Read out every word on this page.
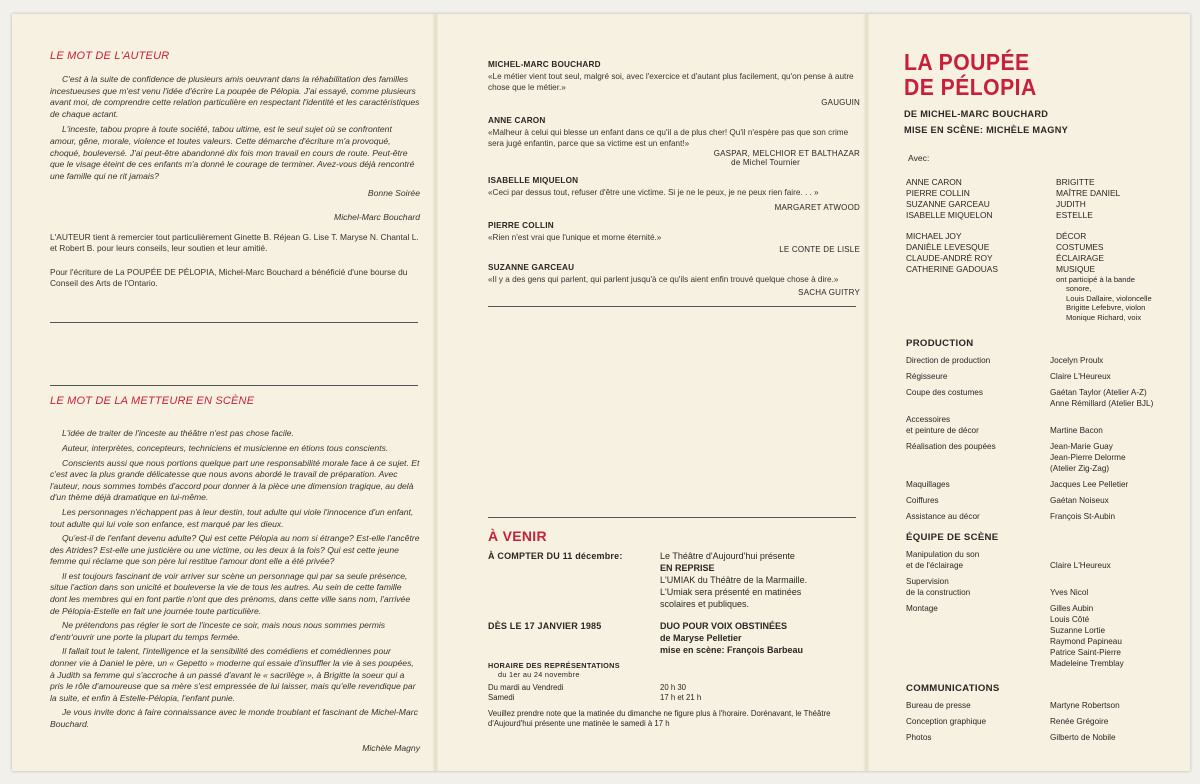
LE MOT DE L'AUTEUR

C'est à la suite de confidence de plusieurs amis oeuvrant dans la réhabilitation des familles incestueuses que m'est venu l'idée d'écrire La poupée de Pélopia. J'ai essayé, comme plusieurs avant moi, de comprendre cette relation particulière en respectant l'identité et les caractéristiques de chaque actant.

L'inceste, tabou propre à toute société, tabou ultime, est le seul sujet où se confrontent amour, gêne, morale, violence et toutes valeurs. Cette démarche d'écriture m'a provoqué, choqué, bouleversé. J'ai peut-être abandonné dix fois mon travail en cours de route. Peut-être que le visage éteint de ces enfants m'a donné le courage de terminer. Avez-vous déjà rencontré une famille qui ne rit jamais?

Bonne Soirée
Michel-Marc Bouchard

L'AUTEUR tient à remercier tout particulièrement Ginette B. Réjean G. Lise T. Maryse N. Chantal L. et Robert B. pour leurs conseils, leur soutien et leur amitié.

Pour l'écriture de La POUPÉE DE PÉLOPIA, Michel-Marc Bouchard a bénéficié d'une bourse du Conseil des Arts de l'Ontario.

LE MOT DE LA METTEURE EN SCÈNE

L'idée de traiter de l'inceste au théâtre n'est pas chose facile.

Auteur, interprètes, concepteurs, techniciens et musicienne en étions tous conscients.

Conscients aussi que nous portions quelque part une responsabilité morale face à ce sujet. Et c'est avec la plus grande délicatesse que nous avons abordé le travail de préparation. Avec l'auteur, nous sommes tombés d'accord pour donner à la pièce une dimension tragique, au delà d'un thème déjà dramatique en lui-même.

Les personnages n'échappent pas à leur destin, tout adulte qui viole l'innocence d'un enfant, tout adulte qui lui vole son enfance, est marqué par les dieux.

Qu'est-il de l'enfant devenu adulte? Qui est cette Pélopia au nom si étrange? Est-elle l'ancêtre des Atrides? Est-elle une justicière ou une victime, ou les deux à la fois? Qui est cette jeune femme qui réclame que son père lui restitue l'amour dont elle a été privée?

Il est toujours fascinant de voir arriver sur scène un personnage qui par sa seule présence, situe l'action dans son unicité et bouleverse la vie de tous les autres. Au sein de cette famille dont les membres qui en font partie n'ont que des prénoms, dans cette ville sans nom, l'arrivée de Pélopia-Estelle en fait une journée toute particulière.

Ne prétendons pas régler le sort de l'inceste ce soir, mais nous nous sommes permis d'entr'ouvrir une porte la plupart du temps fermée.

Il fallait tout le talent, l'intelligence et la sensibilité des comédiens et comédiennes pour donner vie à Daniel le père, un « Gepetto » moderne qui essaie d'insuffler la vie à ses poupées, à Judith sa femme qui s'accroche à un passé d'avant le « sacrilège », à Brigitte la soeur qui a pris le rôle d'amoureuse que sa mère s'est empressée de lui laisser, mais qu'elle revendique par la suite, et enfin à Estelle-Pélopia, l'enfant punie.

Je vous invite donc à faire connaissance avec le monde troublant et fascinant de Michel-Marc Bouchard.

Michèle Magny
MICHEL-MARC BOUCHARD
«Le métier vient tout seul, malgré soi, avec l'exercice et d'autant plus facilement, qu'on pense à autre chose que le métier.»
GAUGUIN
ANNE CARON
«Malheur à celui qui blesse un enfant dans ce qu'il a de plus cher! Qu'il n'espère pas que son crime sera jugé enfantin, parce que sa victime est un enfant!»
GASPAR, MELCHIOR ET BALTHAZAR
de Michel Tournier
ISABELLE MIQUELON
«Ceci par dessus tout, refuser d'être une victime. Si je ne le peux, je ne peux rien faire. . . »
MARGARET ATWOOD
PIERRE COLLIN
«Rien n'est vrai que l'unique et morne éternité.»
LE CONTE DE LISLE
SUZANNE GARCEAU
«Il y a des gens qui parlent, qui parlent jusqu'à ce qu'ils aient enfin trouvé quelque chose à dire.»
SACHA GUITRY
À VENIR
À COMPTER DU 11 décembre:	Le Théâtre d'Aujourd'hui présente
EN REPRISE
L'UMIAK du Théâtre de la Marmaille.
L'Umiak sera présenté en matinées
scolaires et publiques.
DÈS LE 17 JANVIER 1985	DUO POUR VOIX OBSTINÉES
de Maryse Pelletier
mise en scène: François Barbeau
HORAIRE DES REPRÉSENTATIONS
du 1er au 24 novembre
Du mardi au Vendredi	20 h 30
Samedi	17 h et 21 h
Veuillez prendre note que la matinée du dimanche ne figure plus à l'horaire. Dorénavant, le Théâtre d'Aujourd'hui présente une matinée le samedi à 17 h
LA POUPÉE
DE PÉLOPIA
DE MICHEL-MARC BOUCHARD
MISE EN SCÈNE: MICHÈLE MAGNY
Avec:
ANNE CARON	BRIGITTE
PIERRE COLLIN	MAÎTRE DANIEL
SUZANNE GARCEAU	JUDITH
ISABELLE MIQUELON	ESTELLE
MICHAEL JOY	DÉCOR
DANIÈLE LEVESQUE	COSTUMES
CLAUDE-ANDRÉ ROY	ÉCLAIRAGE
CATHERINE GADOUAS	MUSIQUE
ont participé à la bande
sonore,
Louis Dallaire, violoncelle
Brigitte Lefebvre, violon
Monique Richard, voix
PRODUCTION
Direction de production	Jocelyn Proulx
Régisseure	Claire L'Heureux
Coupe des costumes	Gaétan Taylor (Atelier A-Z)
Anne Rémillard (Atelier BJL)
Accessoires
et peinture de décor
	Martine Bacon
Réalisation des poupées	Jean-Marie Guay
Jean-Pierre Delorme
(Atelier Zig-Zag)
Maquillages	Jacques Lee Pelletier
Coiffures	Gaétan Noiseux
Assistance au décor	François St-Aubin
ÉQUIPE DE SCÈNE
Manipulation du son
et de l'éclairage
	Claire L'Heureux
Supervision
de la construction
	Yves Nicol
Montage	Gilles Aubin
Louis Côté
Suzanne Lortie
Raymond Papineau
Patrice Saint-Pierre
Madeleine Tremblay
COMMUNICATIONS
Bureau de presse	Martyne Robertson
Conception graphique	Renée Grégoire
Photos	Gilberto de Nobile
